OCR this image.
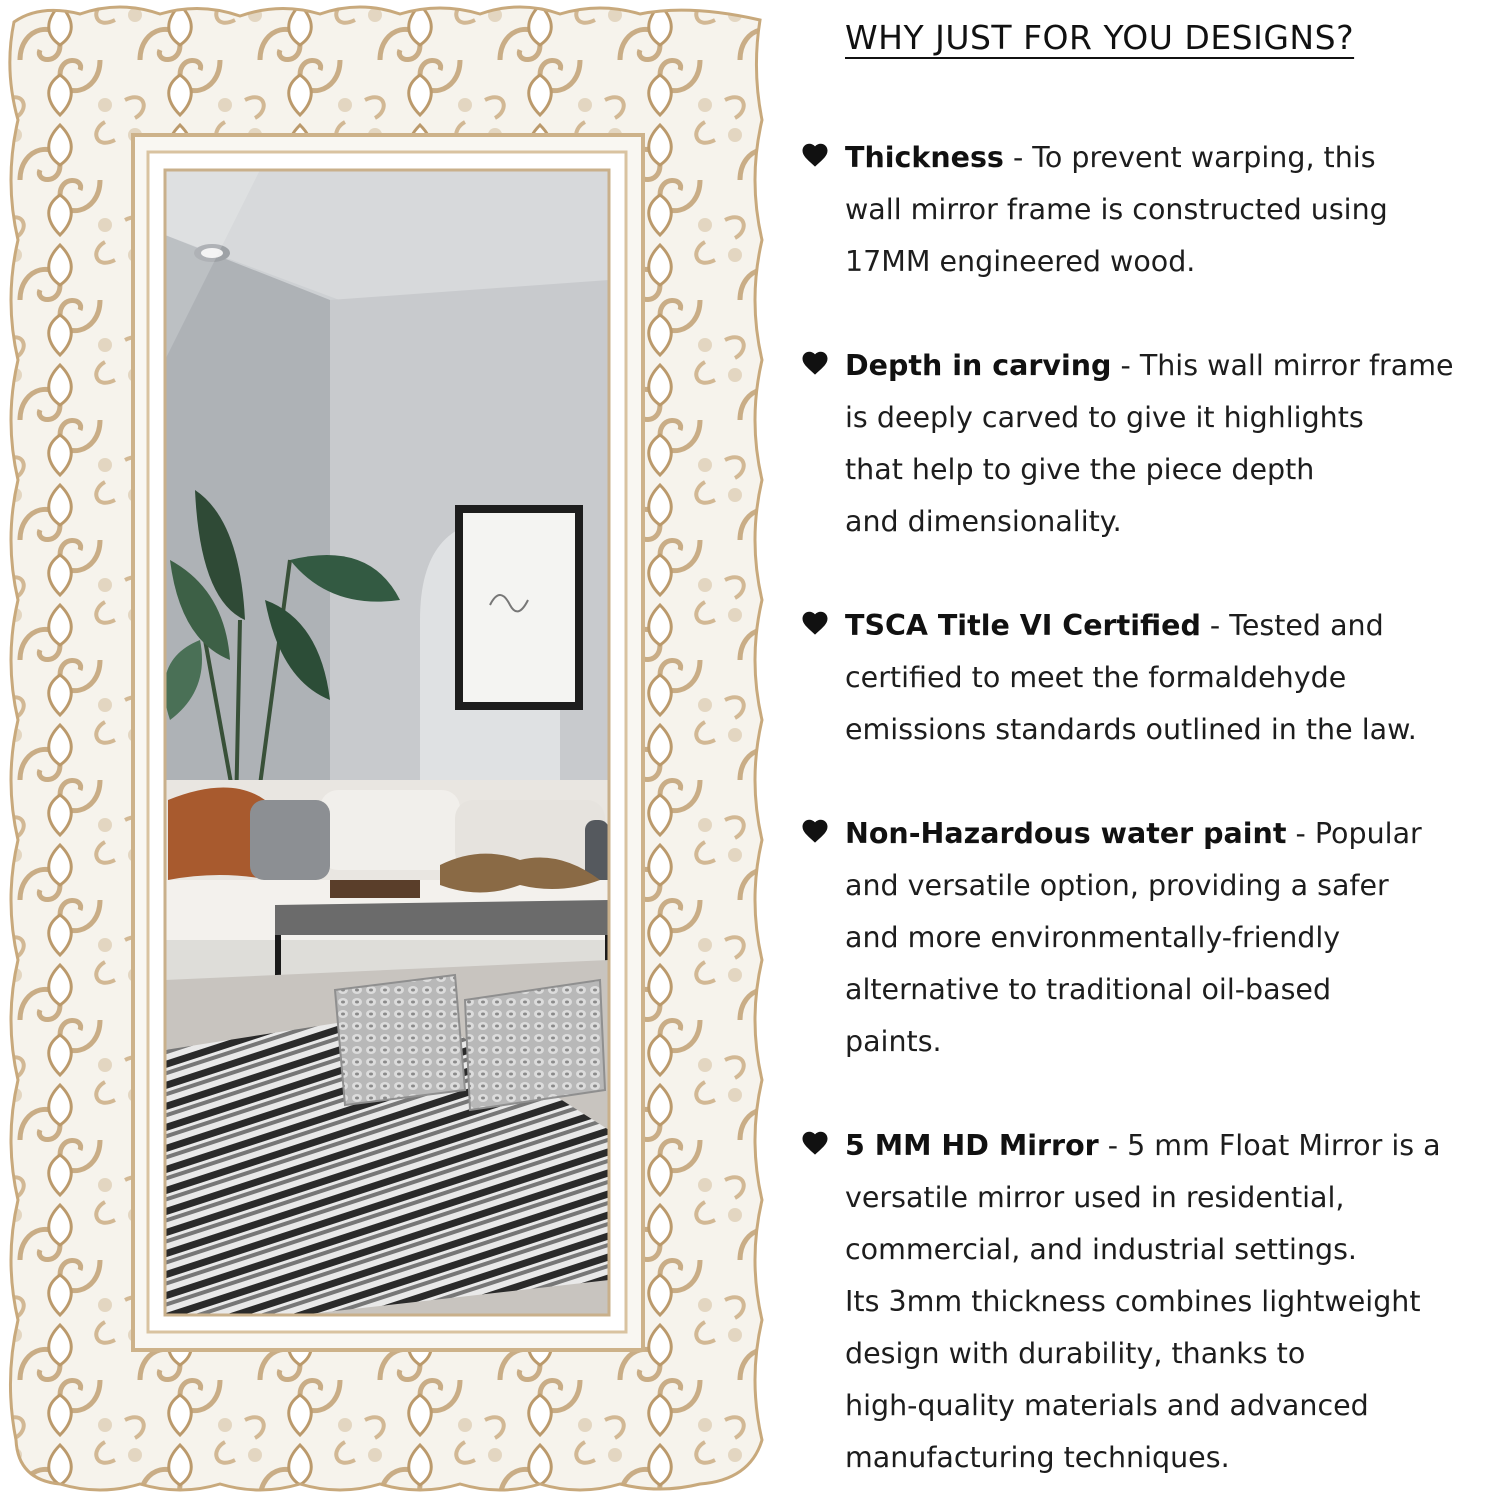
WHY JUST FOR YOU DESIGNS?
Thickness - To prevent warping, this
wall mirror frame is constructed using
17MM engineered wood.
Depth in carving - This wall mirror frame
is deeply carved to give it highlights
that help to give the piece depth
and dimensionality.
TSCA Title VI Certified - Tested and
certified to meet the formaldehyde
emissions standards outlined in the law.
Non-Hazardous water paint - Popular
and versatile option, providing a safer
and more environmentally-friendly
alternative to traditional oil-based
paints.
5 MM HD Mirror - 5 mm Float Mirror is a
versatile mirror used in residential,
commercial, and industrial settings.
Its 3mm thickness combines lightweight
design with durability, thanks to
high-quality materials and advanced
manufacturing techniques.
